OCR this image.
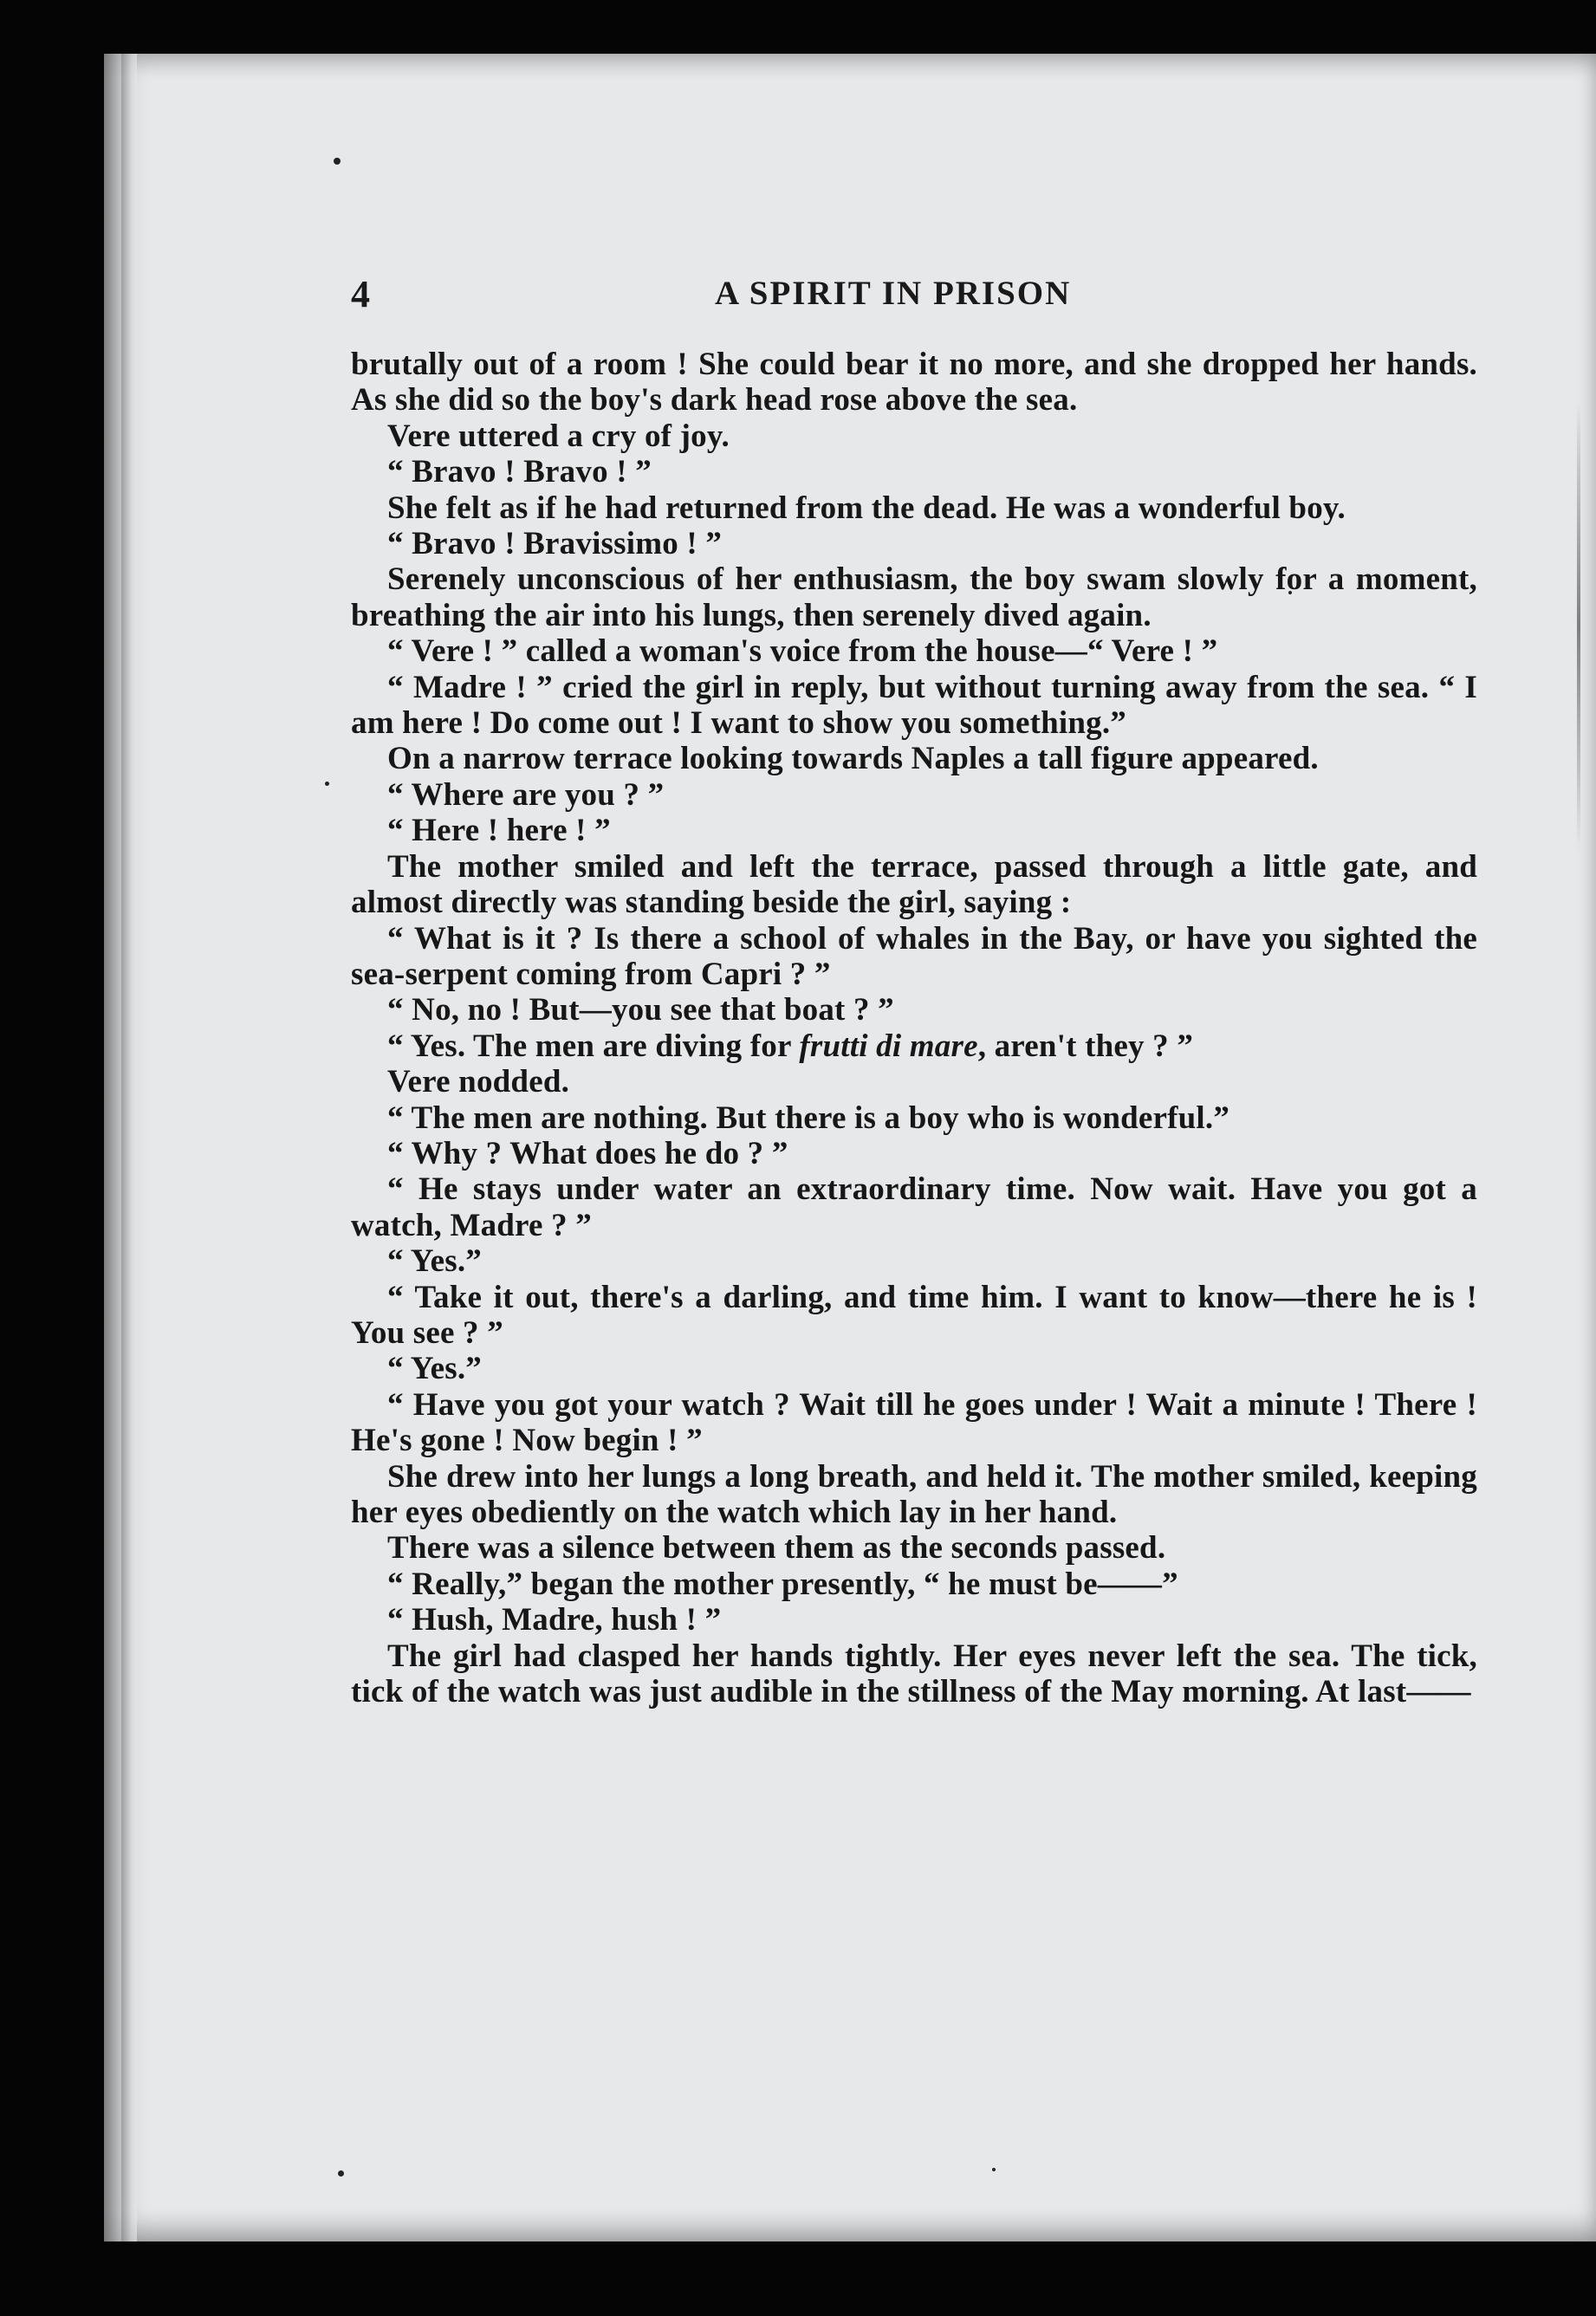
4	A SPIRIT IN PRISON

brutally out of a room ! She could bear it no more, and she dropped her hands. As she did so the boy's dark head rose above the sea.

Vere uttered a cry of joy.

“ Bravo ! Bravo ! ”

She felt as if he had returned from the dead. He was a wonderful boy.

“ Bravo ! Bravissimo ! ”

Serenely unconscious of her enthusiasm, the boy swam slowly for a moment, breathing the air into his lungs, then serenely dived again.

“ Vere ! ” called a woman's voice from the house—“ Vere ! ”

“ Madre ! ” cried the girl in reply, but without turning away from the sea. “ I am here ! Do come out ! I want to show you something.”

On a narrow terrace looking towards Naples a tall figure appeared.

“ Where are you ? ”

“ Here ! here ! ”

The mother smiled and left the terrace, passed through a little gate, and almost directly was standing beside the girl, saying :

“ What is it ? Is there a school of whales in the Bay, or have you sighted the sea-serpent coming from Capri ? ”

“ No, no ! But—you see that boat ? ”

“ Yes. The men are diving for frutti di mare, aren't they ? ”

Vere nodded.

“ The men are nothing. But there is a boy who is wonderful.”

“ Why ? What does he do ? ”

“ He stays under water an extraordinary time. Now wait. Have you got a watch, Madre ? ”

“ Yes.”

“ Take it out, there's a darling, and time him. I want to know—there he is ! You see ? ”

“ Yes.”

“ Have you got your watch ? Wait till he goes under ! Wait a minute ! There ! He's gone ! Now begin ! ”

She drew into her lungs a long breath, and held it. The mother smiled, keeping her eyes obediently on the watch which lay in her hand.

There was a silence between them as the seconds passed.

“ Really,” began the mother presently, “ he must be——”

“ Hush, Madre, hush ! ”

The girl had clasped her hands tightly. Her eyes never left the sea. The tick, tick of the watch was just audible in the stillness of the May morning. At last——
